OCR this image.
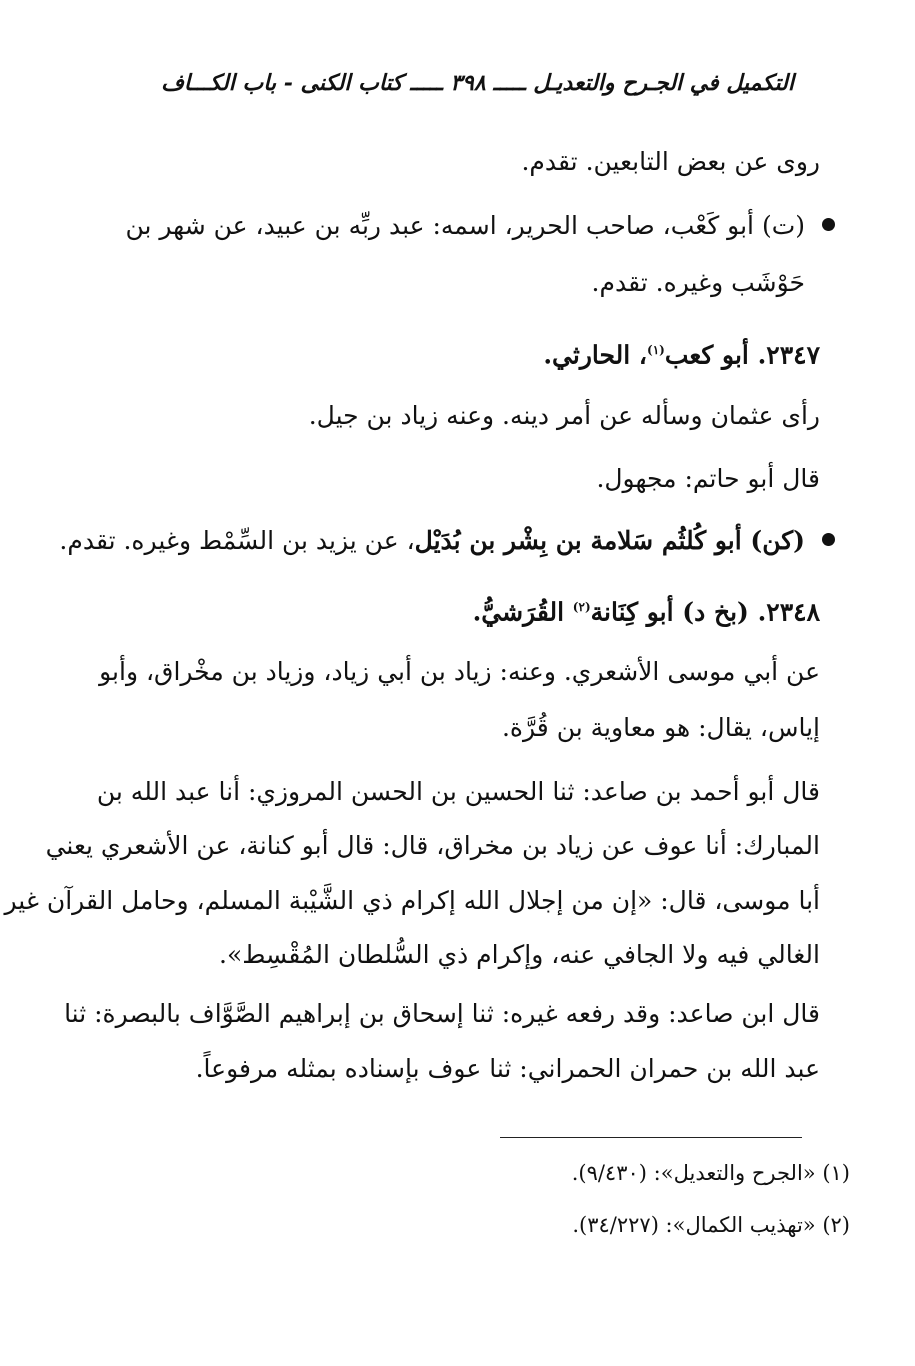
التكميل في الجـرح والتعديـل ـــــ ٣٩٨ ـــــ كتاب الكنى - باب الكـــاف
روى عن بعض التابعين. تقدم.
(ت) أبو كَعْب، صاحب الحرير، اسمه: عبد ربِّه بن عبيد، عن شهر بن
حَوْشَب وغيره. تقدم.
٢٣٤٧. أبو كعب$^{(١)}$، الحارثي.
رأى عثمان وسأله عن أمر دينه. وعنه زياد بن جيل.
قال أبو حاتم: مجهول.
(كن) أبو كُلثُم سَلامة بن بِشْر بن بُدَيْل، عن يزيد بن السِّمْط وغيره. تقدم.
٢٣٤٨. (بخ د) أبو كِنَانة$^{(٢)}$ القُرَشيُّ.
عن أبي موسى الأشعري. وعنه: زياد بن أبي زياد، وزياد بن مخْراق، وأبو
إياس، يقال: هو معاوية بن قُرَّة.
قال أبو أحمد بن صاعد: ثنا الحسين بن الحسن المروزي: أنا عبد الله بن
المبارك: أنا عوف عن زياد بن مخراق، قال: قال أبو كنانة، عن الأشعري يعني
أبا موسى، قال: «إن من إجلال الله إكرام ذي الشَّيْبة المسلم، وحامل القرآن غير
الغالي فيه ولا الجافي عنه، وإكرام ذي السُّلطان المُقْسِط».
قال ابن صاعد: وقد رفعه غيره: ثنا إسحاق بن إبراهيم الصَّوَّاف بالبصرة: ثنا
عبد الله بن حمران الحمراني: ثنا عوف بإسناده بمثله مرفوعاً.
(١) «الجرح والتعديل»: (٩/٤٣٠).
(٢) «تهذيب الكمال»: (٣٤/٢٢٧).
